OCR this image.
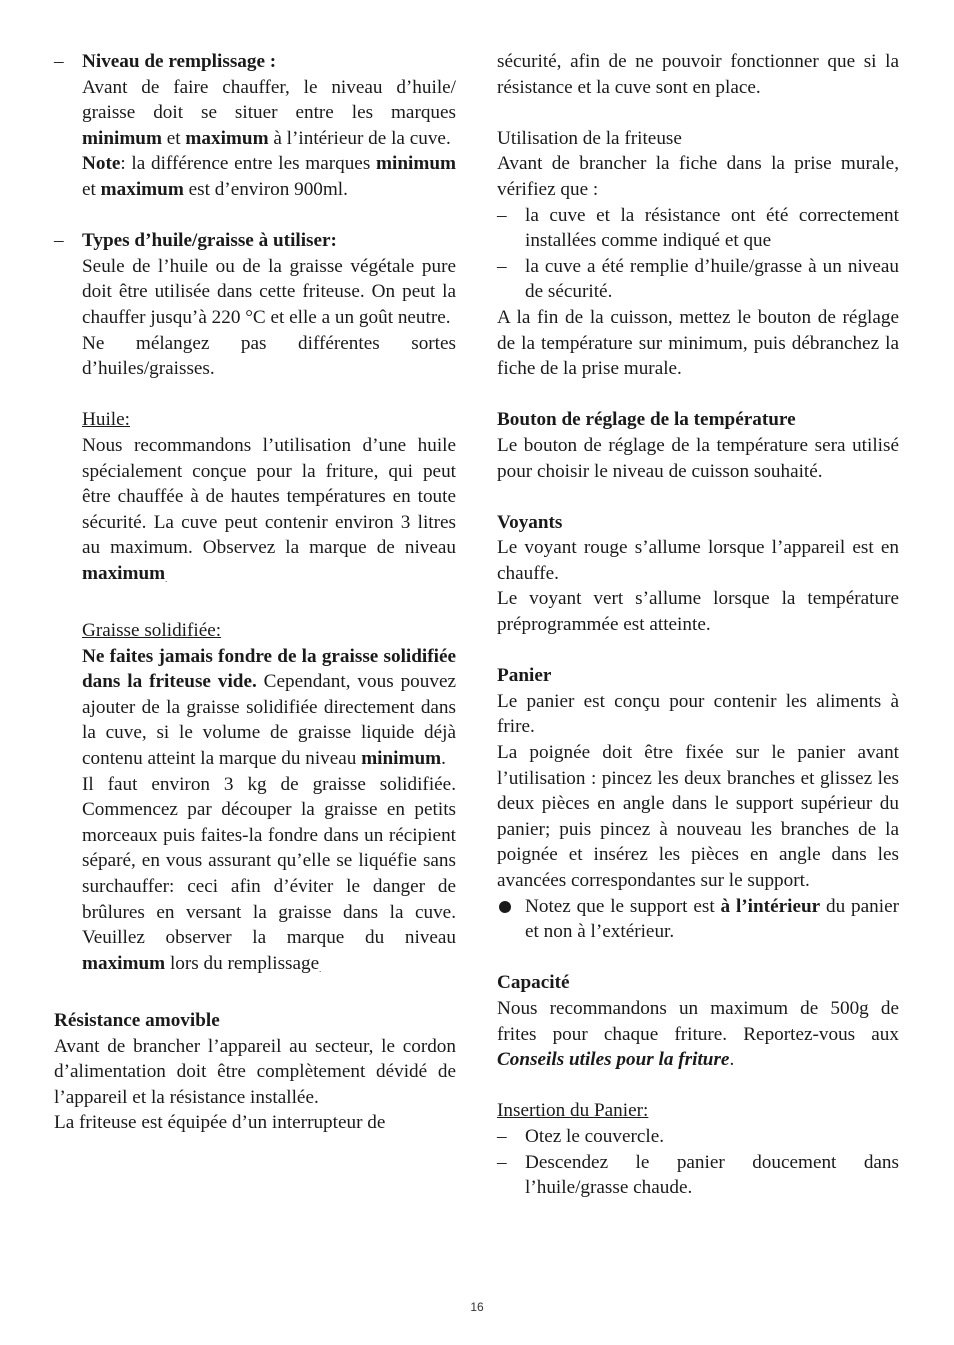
– Niveau de remplissage :

Avant de faire chauffer, le niveau d’huile/ graisse doit se situer entre les marques minimum et maximum à l’intérieur de la cuve.

Note: la différence entre les marques minimum et maximum est d’environ 900ml.

– Types d’huile/graisse à utiliser:

Seule de l’huile ou de la graisse végétale pure doit être utilisée dans cette friteuse. On peut la chauffer jusqu’à 220 °C et elle a un goût neutre.

Ne mélangez pas différentes sortes d’huiles/graisses.

Huile:

Nous recommandons l’utilisation d’une huile spécialement conçue pour la friture, qui peut être chauffée à de hautes températures en toute sécurité. La cuve peut contenir environ 3 litres au maximum. Observez la marque de niveau maximum.

Graisse solidifiée:

Ne faites jamais fondre de la graisse solidifiée dans la friteuse vide. Cependant, vous pouvez ajouter de la graisse solidifiée directement dans la cuve, si le volume de graisse liquide déjà contenu atteint la marque du niveau minimum.

Il faut environ 3 kg de graisse solidifiée. Commencez par découper la graisse en petits morceaux puis faites-la fondre dans un récipient séparé, en vous assurant qu’elle se liquéfie sans surchauffer: ceci afin d’éviter le danger de brûlures en versant la graisse dans la cuve. Veuillez observer la marque du niveau maximum lors du remplissage.

Résistance amovible

Avant de brancher l’appareil au secteur, le cordon d’alimentation doit être complètement dévidé de l’appareil et la résistance installée.

La friteuse est équipée d’un interrupteur de

sécurité, afin de ne pouvoir fonctionner que si la résistance et la cuve sont en place.

Utilisation de la friteuse

Avant de brancher la fiche dans la prise murale, vérifiez que :

– la cuve et la résistance ont été correctement installées comme indiqué et que

– la cuve a été remplie d’huile/grasse à un niveau de sécurité.

A la fin de la cuisson, mettez le bouton de réglage de la température sur minimum, puis débranchez la fiche de la prise murale.

Bouton de réglage de la température

Le bouton de réglage de la température sera utilisé pour choisir le niveau de cuisson souhaité.

Voyants

Le voyant rouge s’allume lorsque l’appareil est en chauffe.

Le voyant vert s’allume lorsque la température préprogrammée est atteinte.

Panier

Le panier est conçu pour contenir les aliments à frire.

La poignée doit être fixée sur le panier avant l’utilisation : pincez les deux branches et glissez les deux pièces en angle dans le support supérieur du panier; puis pincez à nouveau les branches de la poignée et insérez les pièces en angle dans les avancées correspondantes sur le support.

Notez que le support est à l’intérieur du panier et non à l’extérieur.

Capacité

Nous recommandons un maximum de 500g de frites pour chaque friture. Reportez-vous aux Conseils utiles pour la friture.

Insertion du Panier:

– Otez le couvercle.

– Descendez le panier doucement dans l’huile/grasse chaude.

16
